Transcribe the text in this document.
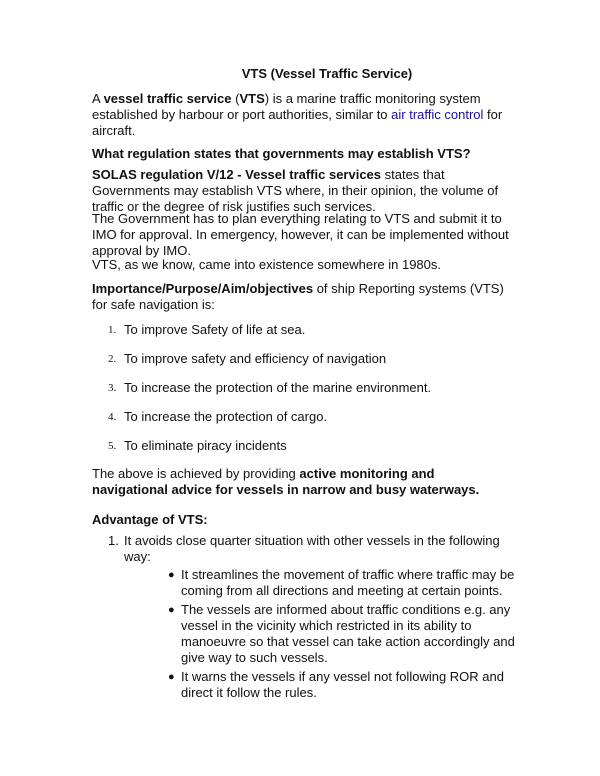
VTS (Vessel Traffic Service)

A vessel traffic service (VTS) is a marine traffic monitoring system established by harbour or port authorities, similar to air traffic control for aircraft.

What regulation states that governments may establish VTS?

SOLAS regulation V/12 - Vessel traffic services states that Governments may establish VTS where, in their opinion, the volume of traffic or the degree of risk justifies such services.

The Government has to plan everything relating to VTS and submit it to IMO for approval. In emergency, however, it can be implemented without approval by IMO.

VTS, as we know, came into existence somewhere in 1980s.

Importance/Purpose/Aim/objectives of ship Reporting systems (VTS) for safe navigation is:

1. To improve Safety of life at sea.
2. To improve safety and efficiency of navigation
3. To increase the protection of the marine environment.
4. To increase the protection of cargo.
5. To eliminate piracy incidents

The above is achieved by providing active monitoring and navigational advice for vessels in narrow and busy waterways.

Advantage of VTS:

1. It avoids close quarter situation with other vessels in the following way:
● It streamlines the movement of traffic where traffic may be coming from all directions and meeting at certain points.
● The vessels are informed about traffic conditions e.g. any vessel in the vicinity which restricted in its ability to manoeuvre so that vessel can take action accordingly and give way to such vessels.
● It warns the vessels if any vessel not following ROR and direct it follow the rules.
